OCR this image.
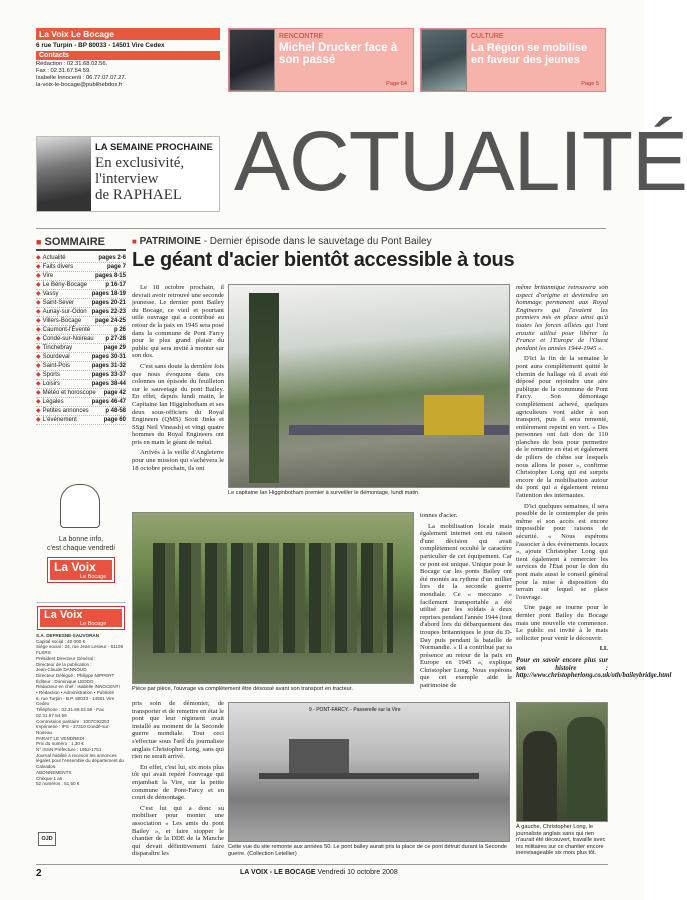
La Voix Le Bocage
6 rue Turpin - BP 80033 - 14501 Vire Cedex
Contacts
Rédaction : 02.31.68.02.56.
Fax : 02.31.67.54.59.
Isabelle Innocenti : 06.77.07.07.27.
la-voix-le-bocage@publihebdos.fr
RENCONTRE
Michel Drucker face à son passé
Page 64
CULTURE
La Région se mobilise en faveur des jeunes
Page 5
LA SEMAINE PROCHAINE
En exclusivité,
l'interview
de RAPHAEL ACTUALITÉ
■ SOMMAIRE
◆ Actualité	pages 2-6
◆ Faits divers	page 7
◆ Vire	pages 8-15
◆ Le Bény-Bocage	p 16-17
◆ Vassy	pages 18-19
◆ Saint-Sever	pages 20-21
◆ Aunay-sur-Odon pages 22-23
◆ Villers-Bocage page 24-25
◆ Caumont-l'Éventé	p 26
◆ Condé-sur-Noireau p 27-28
◆ Tinchebray	page 29
◆ Sourdeval	pages 30-31
◆ Saint-Pois	pages 31-32
◆ Sports	pages 33-37
◆ Loisirs	pages 38-44
◆ Météo et horoscope page 42
◆ Légales	pages 46-47
◆ Petites annonces	p 48-58
◆ L'événement	page 60
La bonne info,
c'est chaque vendredi
La Voix
Le Bocage
La Voix
Le Bocage
S.A. DEFRESNE-SAUVORAN
Capital social : 40 000 €
Siège social : 24, rue Jean Lesieur - 61109 FLERS
Président Directeur Général :
Directeur de la publication :
Jean-Claude DANNOUD
Directeur Délégué : Philippe NIPPERT
Éditeur : Dominique LEDDO
Rédacteur en chef : Isabelle INNOCENTI
• Rédaction • Administration • Publicité
6, rue Turpin - B.P. 80033 - 14501 Vire Cedex
Téléphone : 02.31.68.02.56 - Fax 02.31.67.54.59
Commission paritaire : 1007C92253
Imprimerie : IPS - 37310 Condé-sur-Noireau
PARAIT LE VENDREDI
Prix du numéro : 1,30 €
N° ISSN Préfecture : 1952-1751
Journal habilité à recevoir les annonces légales pour l'ensemble du département du Calvados.
ABONNEMENTS
Chèque 1 an
52 numéros : 51,50 €
OJD
■ PATRIMOINE - Dernier épisode dans le sauvetage du Pont Bailey
Le géant d'acier bientôt accessible à tous

Le 18 octobre prochain, il devrait avoir retrouvé une seconde jeunesse. Le dernier pont Bailey du Bocage, ce vieil et pourtant utile ouvrage qui a contribué au retour de la paix en 1945 sera posé dans la commune de Pont Farcy pour le plus grand plaisir du public qui sera invité à monter sur son dos.

C'est sans doute la dernière fois que nous évoquons dans ces colonnes un épisode du feuilleton sur le sauvetage du pont Bailey. En effet, depuis lundi matin, le Capitaine Ian Higginbotham et ses deux sous-officiers du Royal Engineers (QMS) Scott Jinks et SSgt Neil Vineash) et vingt quatre hommes du Royal Engineers ont pris en main le géant de métal.

Arrivés à la veille d'Angleterre pour une mission qui s'achèvera le 18 octobre prochain, ils ont

Le capitaine Ian Higginbotham premier à surveiller le démontage, lundi matin.

même britannique retrouvera son aspect d'origine et deviendra un hommage permanent aux Royal Engineers qui l'avaient les premiers mis en place ainsi qu'à toutes les forces alliées qui l'ont ensuite utilisé pour libérer la France et l'Europe de l'Ouest pendant les années 1944-1945 ».

D'ici la fin de la semaine le pont aura complètement quitté le chemin de hallage où il avait été déposé pour rejoindre une aire publique de la commune de Pont Farcy. Son démontage complètement achevé, quelques agriculteurs vont aider à son transport, puis il sera remonté, entièrement repeint en vert. « Des personnes ont fait don de 110 planches de bois pour permettre de le remettre en état et également de piliers de chêne sur lesquels nous allons le poser », confirme Christopher Long qui est surpris encore de la mobilisation autour du pont qui a également retenu l'attention des internautes.

D'ici quelques semaines, il sera possible de le contempler de près même si son accès est encore impossible pour raisons de sécurité. « Nous espérons l'associer à des événements locaux », ajoute Christopher Long qui tient également à remercier les services de l'État pour le don du pont mais aussi le conseil général pour la mise à disposition du terrain sur lequel se place l'ouvrage.

Une page se tourne pour le dernier pont Bailey du Bocage mais une nouvelle vie commence. Le public est invité à le mais solliciter pour venir le découvrir.

I.I.

Pour en savoir encore plus sur son histoire : http://www.christopherlong.co.uk/oth/baileybridge.html

Pièce par pièce, l'ouvrage va complètement être désossé avant son transport en tracteur.

pris soin de démonter, de transporter et de remettre en état le pont que leur régiment avait installé au moment de la Seconde guerre mondiale. Tout ceci s'effectue sous l'œil du journaliste anglais Christopher Long, sans qui rien ne serait arrivé.

En effet, c'est lui, six mois plus tôt qui avait repéré l'ouvrage qui enjambait la Vire, sur la petite commune de Pont-Farcy et en court de démontage.

C'est lui qui a donc su mobiliser pour monter une association « Les amis du pont Bailey », et faire stopper le chantier de la DDE de la Manche qui devait définitivement faire disparaître les

tonnes d'acier.

La mobilisation locale mais également internet ont eu raison d'une décision qui avait complètement occulté le caractère particulier de cet équipement. Car ce pont est unique. Unique pour le Bocage car les ponts Bailey ont été montés au rythme d'un millier lors de la seconde guerre mondiale. Ce « meccano » facilement transportable a été utilisé par les soldats à deux reprises pendant l'année 1944 (tout d'abord lors du débarquement des troupes britanniques le jour du D-Day puis pendant la bataille de Normandie. « Il a contribué par sa présence au retour de la paix en Europe en 1945 », explique Christopher Long. Nous espérons que cet exemple aide le patrimoine de

9 - PONT-FARCY. - Passerelle sur la Vire
Cette vue du site remonte aux années 50. Le pont bailey aurait pris la place de ce pont détruit durant la Seconde guerre. (Collection Letellier)
À gauche, Christopher Long, le journaliste anglais sans qui rien n'aurait été découvert, travaille avec les militaires sur ce chantier encore inenvisageable six mois plus tôt.
2	LA VOIX - LE BOCAGE Vendredi 10 octobre 2008
